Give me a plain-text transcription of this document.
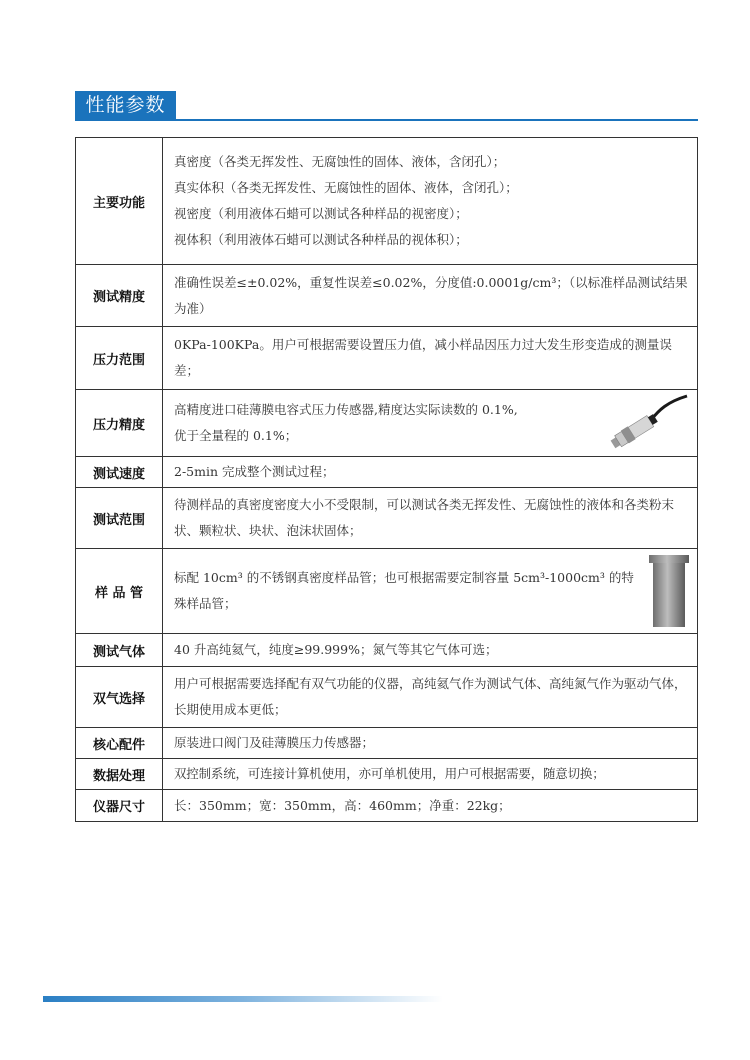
性能参数
主要功能	真密度（各类无挥发性、无腐蚀性的固体、液体，含闭孔）；
真实体积（各类无挥发性、无腐蚀性的固体、液体，含闭孔）；
视密度（利用液体石蜡可以测试各种样品的视密度）；
视体积（利用液体石蜡可以测试各种样品的视体积）；

测试精度	准确性误差≤±0.02%，重复性误差≤0.02%，分度值:0.0001g/cm³；（以标准样品测试结果为准）
压力范围	0KPa-100KPa。用户可根据需要设置压力值，减小样品因压力过大发生形变造成的测量误差；
压力精度	高精度进口硅薄膜电容式压力传感器,精度达实际读数的 0.1%,
优于全量程的 0.1%；

测试速度	2-5min 完成整个测试过程；
测试范围	待测样品的真密度密度大小不受限制，可以测试各类无挥发性、无腐蚀性的液体和各类粉末状、颗粒状、块状、泡沫状固体；
样 品 管	标配 10cm³ 的不锈钢真密度样品管；也可根据需要定制容量 5cm³-1000cm³ 的特殊样品管；

测试气体	40 升高纯氦气，纯度≥99.999%；氮气等其它气体可选；
双气选择	用户可根据需要选择配有双气功能的仪器，高纯氦气作为测试气体、高纯氮气作为驱动气体，长期使用成本更低；
核心配件	原装进口阀门及硅薄膜压力传感器；
数据处理	双控制系统，可连接计算机使用，亦可单机使用，用户可根据需要，随意切换；
仪器尺寸	长：350mm；宽：350mm，高：460mm；净重：22kg；
